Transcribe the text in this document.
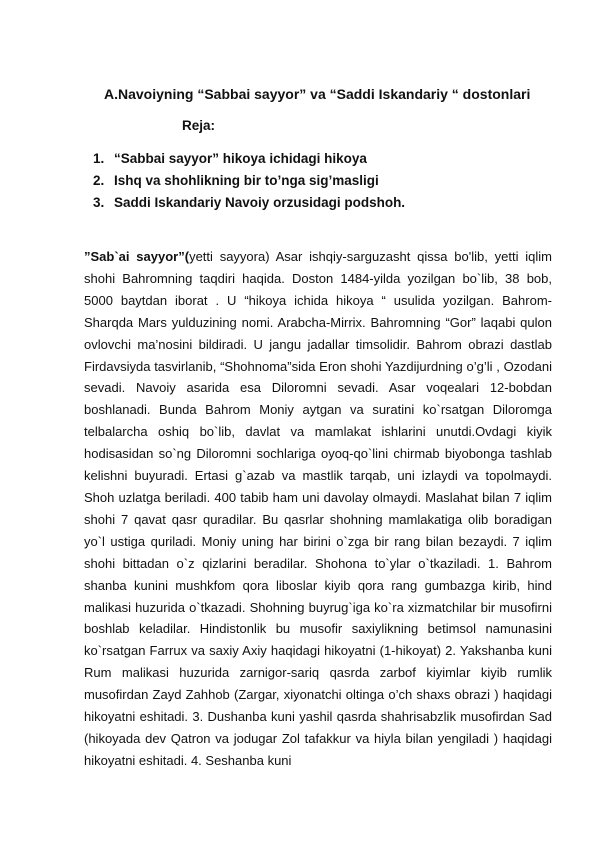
A.Navoiyning “Sabbai sayyor” va “Saddi Iskandariy “ dostonlari
Reja:
1. “Sabbai sayyor” hikoya ichidagi hikoya
2. Ishq va shohlikning bir to’nga sig’masligi
3. Saddi Iskandariy Navoiy orzusidagi podshoh.

”Sab`ai sayyor”(yetti sayyora) Asar ishqiy-sarguzasht qissa bo'lib, yetti iqlim shohi Bahromning taqdiri haqida. Doston 1484-yilda yozilgan bo`lib, 38 bob, 5000 baytdan iborat . U “hikoya ichida hikoya “ usulida yozilgan. Bahrom-Sharqda Mars yulduzining nomi. Arabcha-Mirrix. Bahromning “Gor” laqabi qulon ovlovchi ma’nosini bildiradi. U jangu jadallar timsolidir. Bahrom obrazi dastlab Firdavsiyda tasvirlanib, “Shohnoma”sida Eron shohi Yazdijurdning o’g’li , Ozodani sevadi. Navoiy asarida esa Diloromni sevadi. Asar voqealari 12-bobdan boshlanadi. Bunda Bahrom Moniy aytgan va suratini ko`rsatgan Diloromga telbalarcha oshiq bo`lib, davlat va mamlakat ishlarini unutdi.Ovdagi kiyik hodisasidan so`ng Diloromni sochlariga oyoq-qo`lini chirmab biyobonga tashlab kelishni buyuradi. Ertasi g`azab va mastlik tarqab, uni izlaydi va topolmaydi. Shoh uzlatga beriladi. 400 tabib ham uni davolay olmaydi. Maslahat bilan 7 iqlim shohi 7 qavat qasr quradilar. Bu qasrlar shohning mamlakatiga olib boradigan yo`l ustiga quriladi. Moniy uning har birini o`zga bir rang bilan bezaydi. 7 iqlim shohi bittadan o`z qizlarini beradilar. Shohona to`ylar o`tkaziladi. 1. Bahrom shanba kunini mushkfom qora liboslar kiyib qora rang gumbazga kirib, hind malikasi huzurida o`tkazadi. Shohning buyrug`iga ko`ra xizmatchilar bir musofirni boshlab keladilar. Hindistonlik bu musofir saxiylikning betimsol namunasini ko`rsatgan Farrux va saxiy Axiy haqidagi hikoyatni (1-hikoyat) 2. Yakshanba kuni Rum malikasi huzurida zarnigor-sariq qasrda zarbof kiyimlar kiyib rumlik musofirdan Zayd Zahhob (Zargar, xiyonatchi oltinga o’ch shaxs obrazi ) haqidagi hikoyatni eshitadi. 3. Dushanba kuni yashil qasrda shahrisabzlik musofirdan Sad (hikoyada dev Qatron va jodugar Zol tafakkur va hiyla bilan yengiladi ) haqidagi hikoyatni eshitadi. 4. Seshanba kuni
